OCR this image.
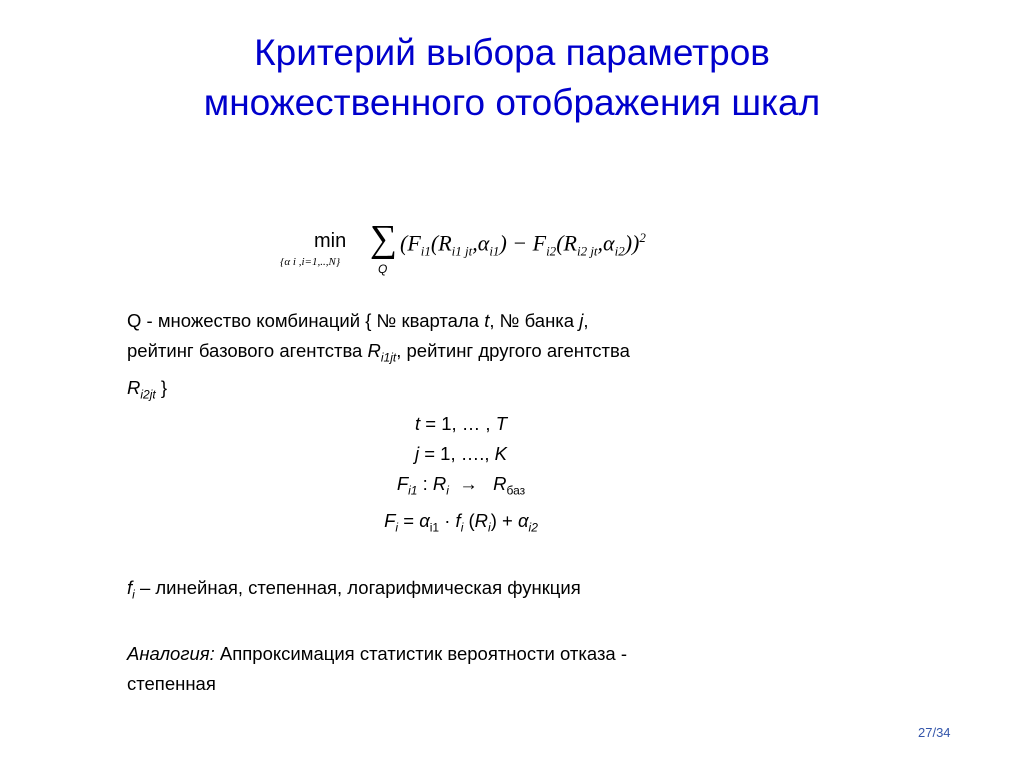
Критерий выбора параметров
множественного отображения шкал
min
{α i ,i=1,..,N}
∑
Q
$(F_{i1}(R_{i1 jt},\alpha_{i1}) - F_{i2}(R_{i2 jt},\alpha_{i2}))^2$

Q - множество комбинаций { № квартала t, № банка j,

рейтинг базового агентства $R_{i1jt}$, рейтинг другого агентства

$R_{i2jt}$ }

t = 1, … , T

j = 1, …., K

$F_{i1}$ : $R_i \to R_{баз}$

$F_i = \alpha_{i1} \cdot f_i$ $(R_i) + \alpha_{i2}$

$f_i$ – линейная, степенная, логарифмическая функция

Аналогия: Аппроксимация статистик вероятности отказа -

степенная

27/34
